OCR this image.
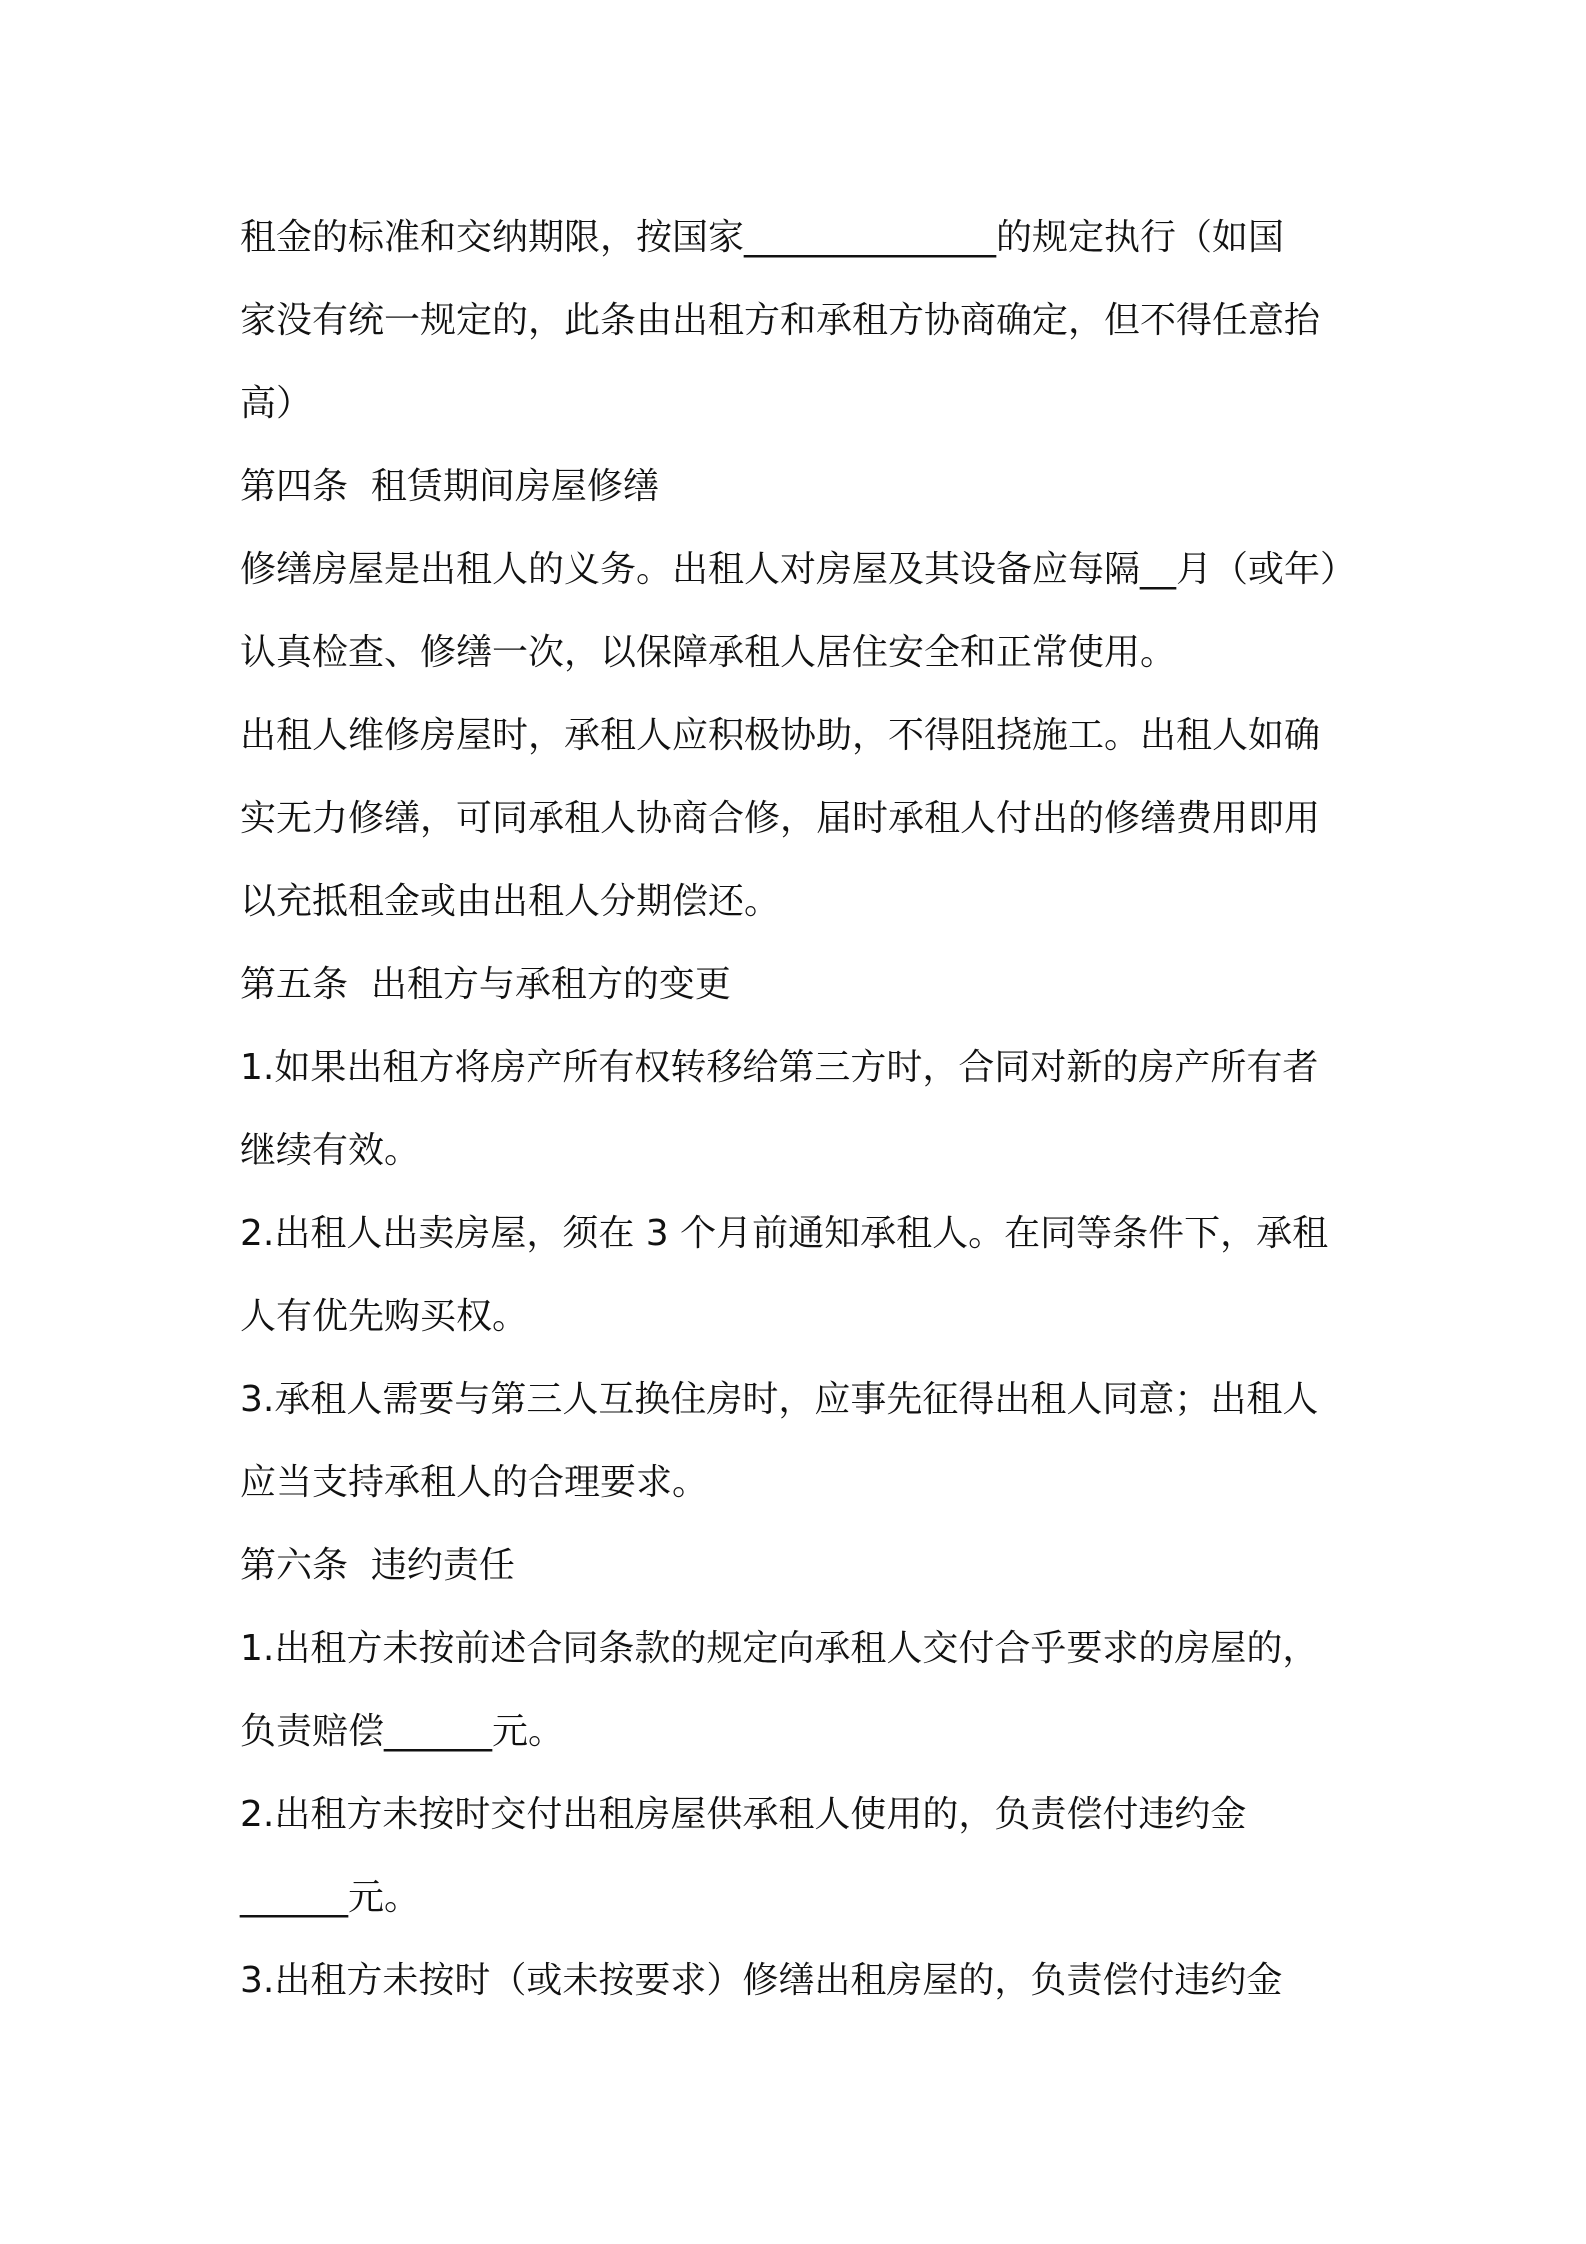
租金的标准和交纳期限，按国家______________的规定执行（如国

家没有统一规定的，此条由出租方和承租方协商确定，但不得任意抬

高）

第四条  租赁期间房屋修缮

修缮房屋是出租人的义务。出租人对房屋及其设备应每隔__月（或年）

认真检查、修缮一次，以保障承租人居住安全和正常使用。

出租人维修房屋时，承租人应积极协助，不得阻挠施工。出租人如确

实无力修缮，可同承租人协商合修，届时承租人付出的修缮费用即用

以充抵租金或由出租人分期偿还。

第五条  出租方与承租方的变更

1.如果出租方将房产所有权转移给第三方时，合同对新的房产所有者

继续有效。

2.出租人出卖房屋，须在 3 个月前通知承租人。在同等条件下，承租

人有优先购买权。

3.承租人需要与第三人互换住房时，应事先征得出租人同意；出租人

应当支持承租人的合理要求。

第六条  违约责任

1.出租方未按前述合同条款的规定向承租人交付合乎要求的房屋的，

负责赔偿______元。

2.出租方未按时交付出租房屋供承租人使用的，负责偿付违约金

______元。

3.出租方未按时（或未按要求）修缮出租房屋的，负责偿付违约金
